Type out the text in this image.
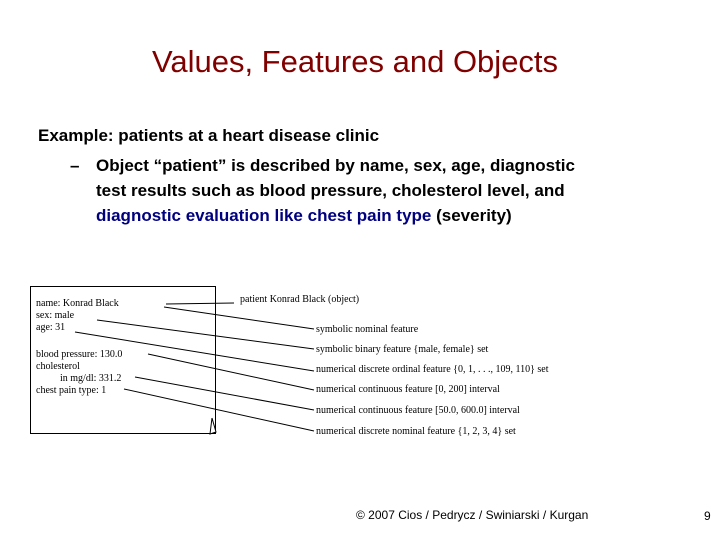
Values, Features and Objects
Example: patients at a heart disease clinic
– Object “patient” is described by name, sex, age, diagnostic
test results such as blood pressure, cholesterol level, and
diagnostic evaluation like chest pain type (severity)
name: Konrad Black
sex: male
age: 31
blood pressure: 130.0
cholesterol
in mg/dl: 331.2
chest pain type: 1
patient Konrad Black (object)
symbolic nominal feature
symbolic binary feature {male, female} set
numerical discrete ordinal feature {0, 1, . . ., 109, 110} set
numerical continuous feature [0, 200] interval
numerical continuous feature [50.0, 600.0] interval
numerical discrete nominal feature {1, 2, 3, 4} set
© 2007 Cios / Pedrycz / Swiniarski / Kurgan	9
